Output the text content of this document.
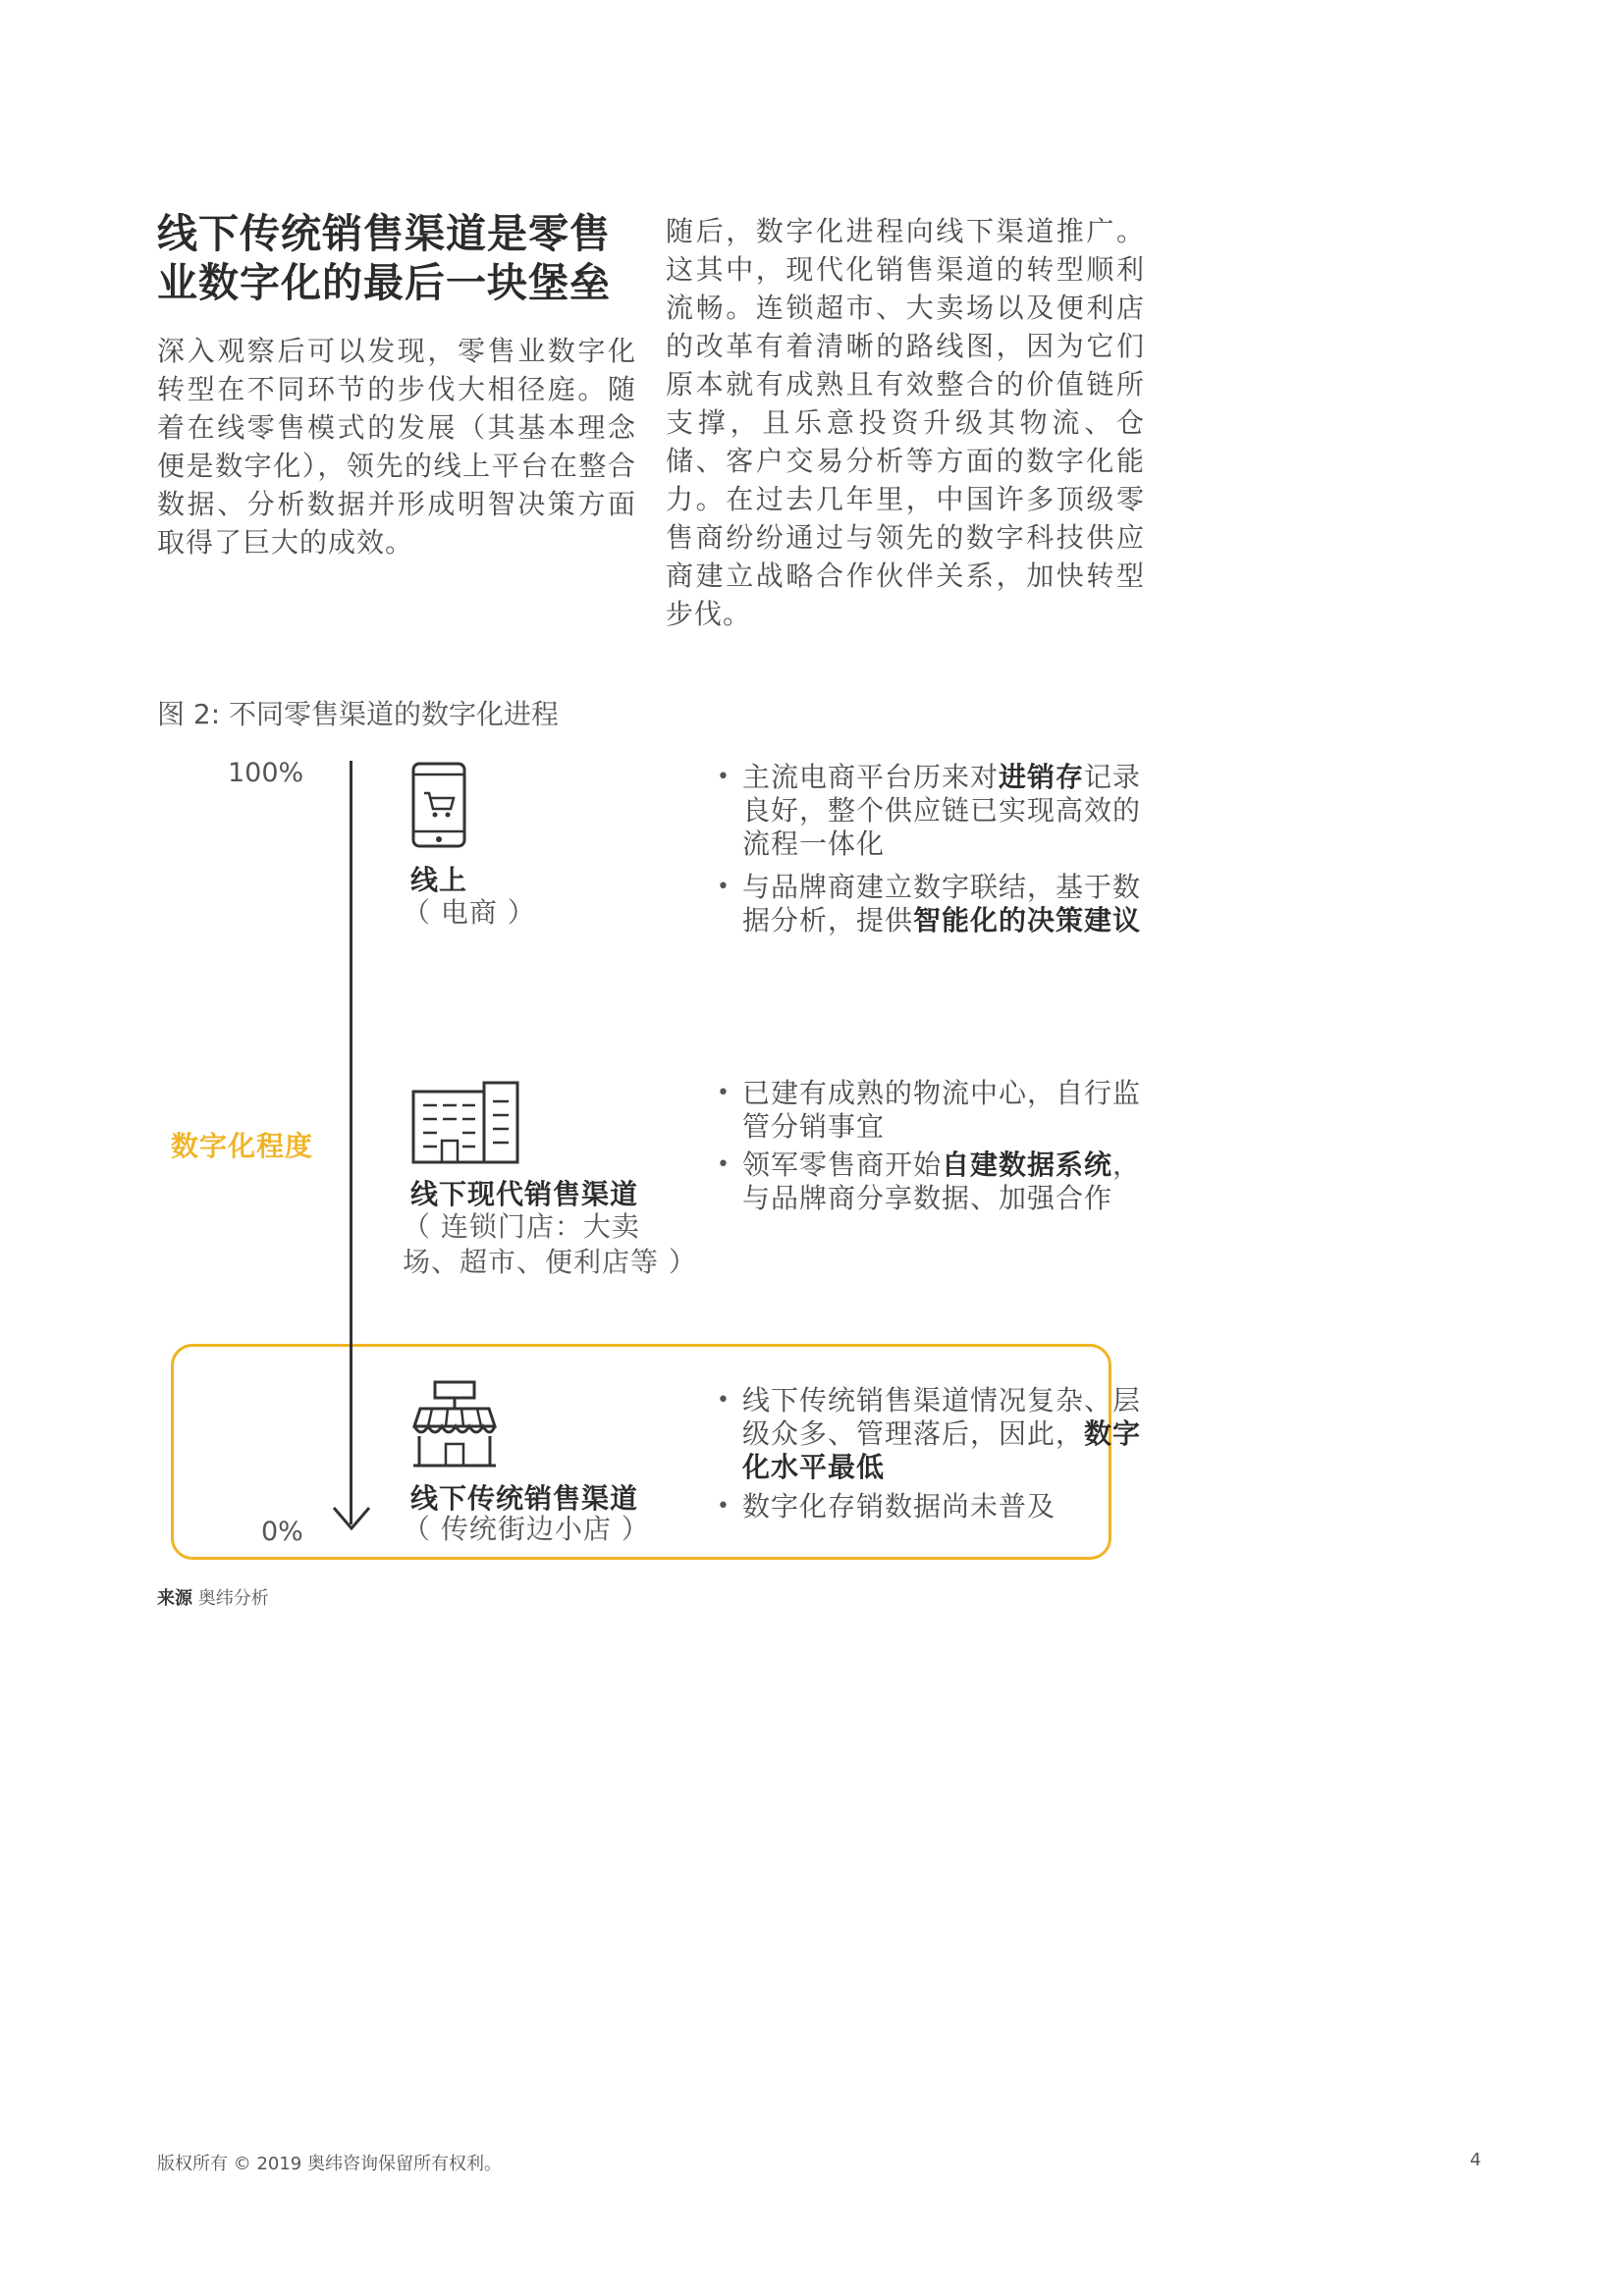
线下传统销售渠道是零售
业数字化的最后一块堡垒
深入观察后可以发现，零售业数字化转型在不同环节的步伐大相径庭。随着在线零售模式的发展（其基本理念便是数字化），领先的线上平台在整合数据、分析数据并形成明智决策方面取得了巨大的成效。
随后，数字化进程向线下渠道推广。这其中，现代化销售渠道的转型顺利流畅。连锁超市、大卖场以及便利店的改革有着清晰的路线图，因为它们原本就有成熟且有效整合的价值链所支撑，且乐意投资升级其物流、仓储、客户交易分析等方面的数字化能力。在过去几年里，中国许多顶级零售商纷纷通过与领先的数字科技供应商建立战略合作伙伴关系，加快转型步伐。
图 2: 不同零售渠道的数字化进程
100%
0%
数字化程度
线上
（ 电商 ）
• 主流电商平台历来对进销存记录良好，整个供应链已实现高效的流程一体化
• 与品牌商建立数字联结，基于数据分析，提供智能化的决策建议
线下现代销售渠道
（ 连锁门店：大卖场、超市、便利店等 ）
• 已建有成熟的物流中心，自行监管分销事宜
• 领军零售商开始自建数据系统，与品牌商分享数据、加强合作
线下传统销售渠道
（ 传统街边小店 ）
• 线下传统销售渠道情况复杂、层级众多、管理落后，因此，数字化水平最低
• 数字化存销数据尚未普及
来源 奥纬分析
版权所有 © 2019 奥纬咨询保留所有权利。	4
